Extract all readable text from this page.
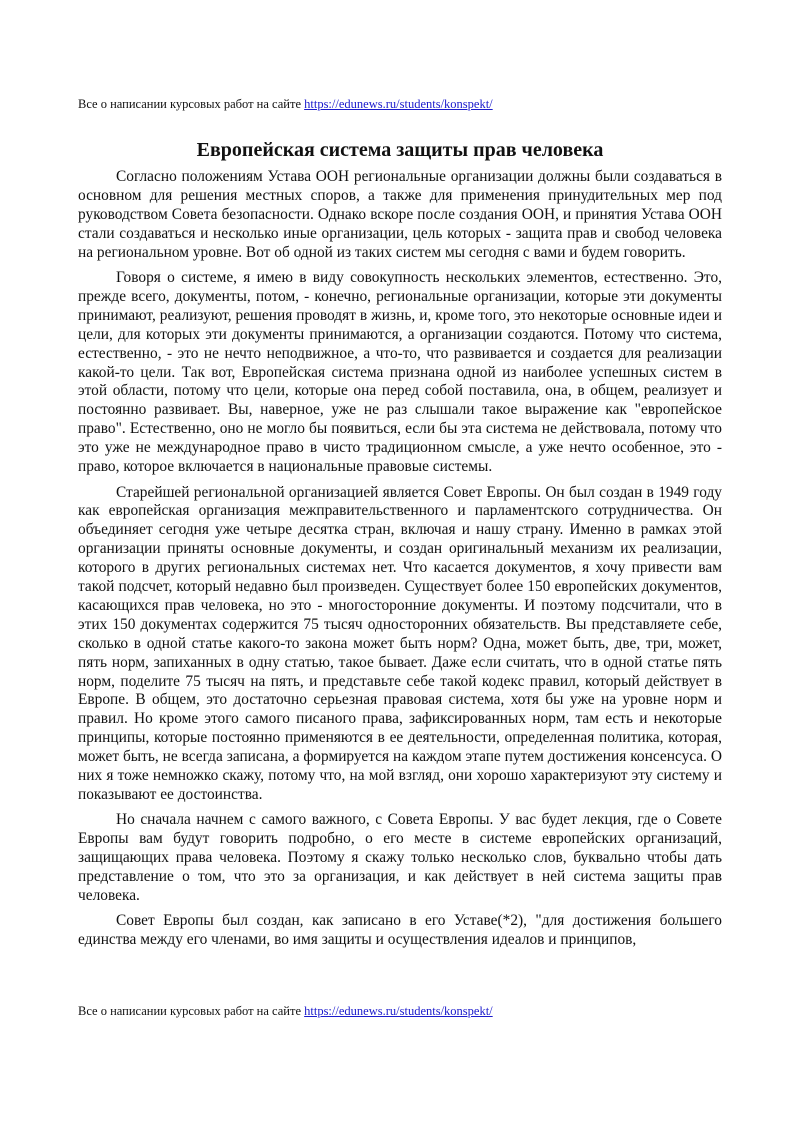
Все о написании курсовых работ на сайте https://edunews.ru/students/konspekt/
Европейская система защиты прав человека

Согласно положениям Устава ООН региональные организации должны были создаваться в основном для решения местных споров, а также для применения принудительных мер под руководством Совета безопасности. Однако вскоре после создания ООН, и принятия Устава ООН стали создаваться и несколько иные организации, цель которых - защита прав и свобод человека на региональном уровне. Вот об одной из таких систем мы сегодня с вами и будем говорить.

Говоря о системе, я имею в виду совокупность нескольких элементов, естественно. Это, прежде всего, документы, потом, - конечно, региональные организации, которые эти документы принимают, реализуют, решения проводят в жизнь, и, кроме того, это некоторые основные идеи и цели, для которых эти документы принимаются, а организации создаются. Потому что система, естественно, - это не нечто неподвижное, а что-то, что развивается и создается для реализации какой-то цели. Так вот, Европейская система признана одной из наиболее успешных систем в этой области, потому что цели, которые она перед собой поставила, она, в общем, реализует и постоянно развивает. Вы, наверное, уже не раз слышали такое выражение как "европейское право". Естественно, оно не могло бы появиться, если бы эта система не действовала, потому что это уже не международное право в чисто традиционном смысле, а уже нечто особенное, это - право, которое включается в национальные правовые системы.

Старейшей региональной организацией является Совет Европы. Он был создан в 1949 году как европейская организация межправительственного и парламентского сотрудничества. Он объединяет сегодня уже четыре десятка стран, включая и нашу страну. Именно в рамках этой организации приняты основные документы, и создан оригинальный механизм их реализации, которого в других региональных системах нет. Что касается документов, я хочу привести вам такой подсчет, который недавно был произведен. Существует более 150 европейских документов, касающихся прав человека, но это - многосторонние документы. И поэтому подсчитали, что в этих 150 документах содержится 75 тысяч односторонних обязательств. Вы представляете себе, сколько в одной статье какого-то закона может быть норм? Одна, может быть, две, три, может, пять норм, запиханных в одну статью, такое бывает. Даже если считать, что в одной статье пять норм, поделите 75 тысяч на пять, и представьте себе такой кодекс правил, который действует в Европе. В общем, это достаточно серьезная правовая система, хотя бы уже на уровне норм и правил. Но кроме этого самого писаного права, зафиксированных норм, там есть и некоторые принципы, которые постоянно применяются в ее деятельности, определенная политика, которая, может быть, не всегда записана, а формируется на каждом этапе путем достижения консенсуса. О них я тоже немножко скажу, потому что, на мой взгляд, они хорошо характеризуют эту систему и показывают ее достоинства.

Но сначала начнем с самого важного, с Совета Европы. У вас будет лекция, где о Совете Европы вам будут говорить подробно, о его месте в системе европейских организаций, защищающих права человека. Поэтому я скажу только несколько слов, буквально чтобы дать представление о том, что это за организация, и как действует в ней система защиты прав человека.

Совет Европы был создан, как записано в его Уставе(*2), "для достижения большего единства между его членами, во имя защиты и осуществления идеалов и принципов,

Все о написании курсовых работ на сайте https://edunews.ru/students/konspekt/
